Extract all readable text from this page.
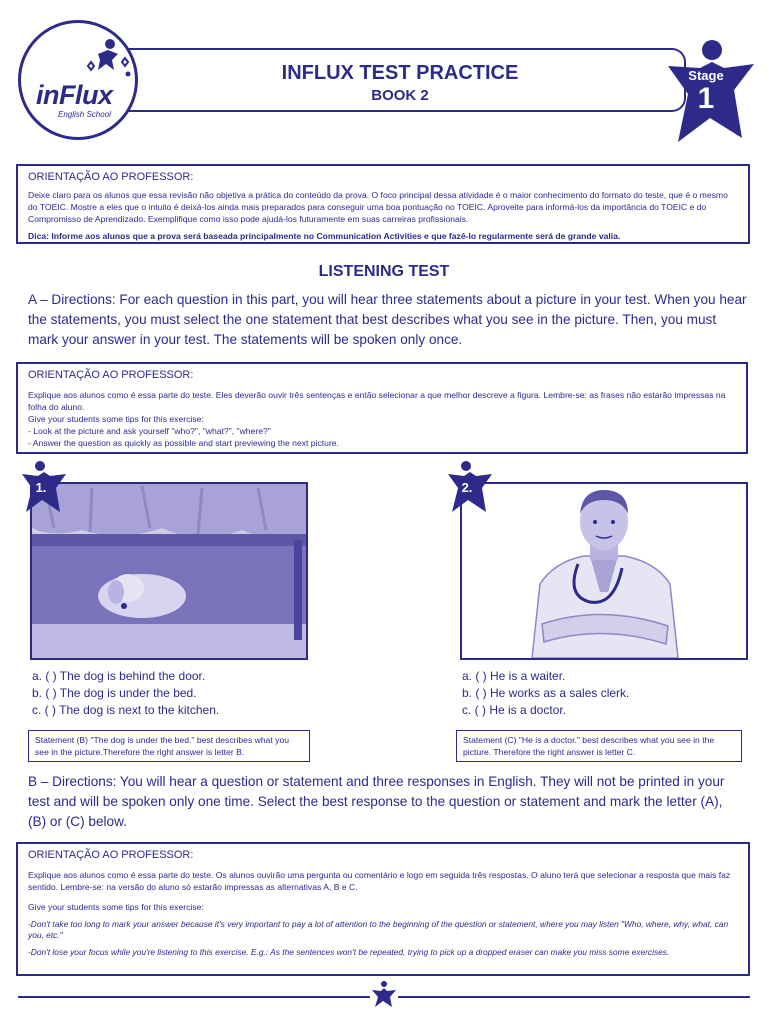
inFlux
English School
INFLUX TEST PRACTICE
BOOK 2
Stage
1

ORIENTAÇÃO AO PROFESSOR:

Deixe claro para os alunos que essa revisão não objetiva a prática do conteúdo da prova. O foco principal dessa atividade é o maior conhecimento do formato do teste, que é o mesmo do TOEIC. Mostre a eles que o intuito é deixá-los ainda mais preparados para conseguir uma boa pontuação no TOEIC. Aproveite para informá-los da importância do TOEIC e do Compromisso de Aprendizado. Exemplifique como isso pode ajudá-los futuramente em suas carreiras profissionais.

Dica: Informe aos alunos que a prova será baseada principalmente no Communication Activities e que fazê-lo regularmente será de grande valia.

LISTENING TEST
A – Directions: For each question in this part, you will hear three statements about a picture in your test. When you hear the statements, you must select the one statement that best describes what you see in the picture. Then, you must mark your answer in your test. The statements will be spoken only once.

ORIENTAÇÃO AO PROFESSOR:

Explique aos alunos como é essa parte do teste. Eles deverão ouvir três sentenças e então selecionar a que melhor descreve a figura. Lembre-se: as frases não estarão impressas na folha do aluno.

Give your students some tips for this exercise:

- Look at the picture and ask yourself "who?", "what?", "where?"

- Answer the question as quickly as possible and start previewing the next picture.

1.
a. ( ) The dog is behind the door.
b. ( ) The dog is under the bed.
c. ( ) The dog is next to the kitchen.
Statement (B) "The dog is under the bed." best describes what you see in the picture.Therefore the right answer is letter B.
2.
a. ( ) He is a waiter.
b. ( ) He works as a sales clerk.
c. ( ) He is a doctor.
Statement (C) "He is a doctor." best describes what you see in the picture. Therefore the right answer is letter C.
B – Directions: You will hear a question or statement and three responses in English. They will not be printed in your test and will be spoken only one time. Select the best response to the question or statement and mark the letter (A), (B) or (C) below.

ORIENTAÇÃO AO PROFESSOR:

Explique aos alunos como é essa parte do teste. Os alunos ouvirão uma pergunta ou comentário e logo em seguida três respostas. O aluno terá que selecionar a resposta que mais faz sentido. Lembre-se: na versão do aluno só estarão impressas as alternativas A, B e C.

Give your students some tips for this exercise:

-Don't take too long to mark your answer because it's very important to pay a lot of attention to the beginning of the question or statement, where you may listen "Who, where, why, what, can you, etc."

-Don't lose your focus while you're listening to this exercise. E.g.: As the sentences won't be repeated, trying to pick up a dropped eraser can make you miss some exercises.
